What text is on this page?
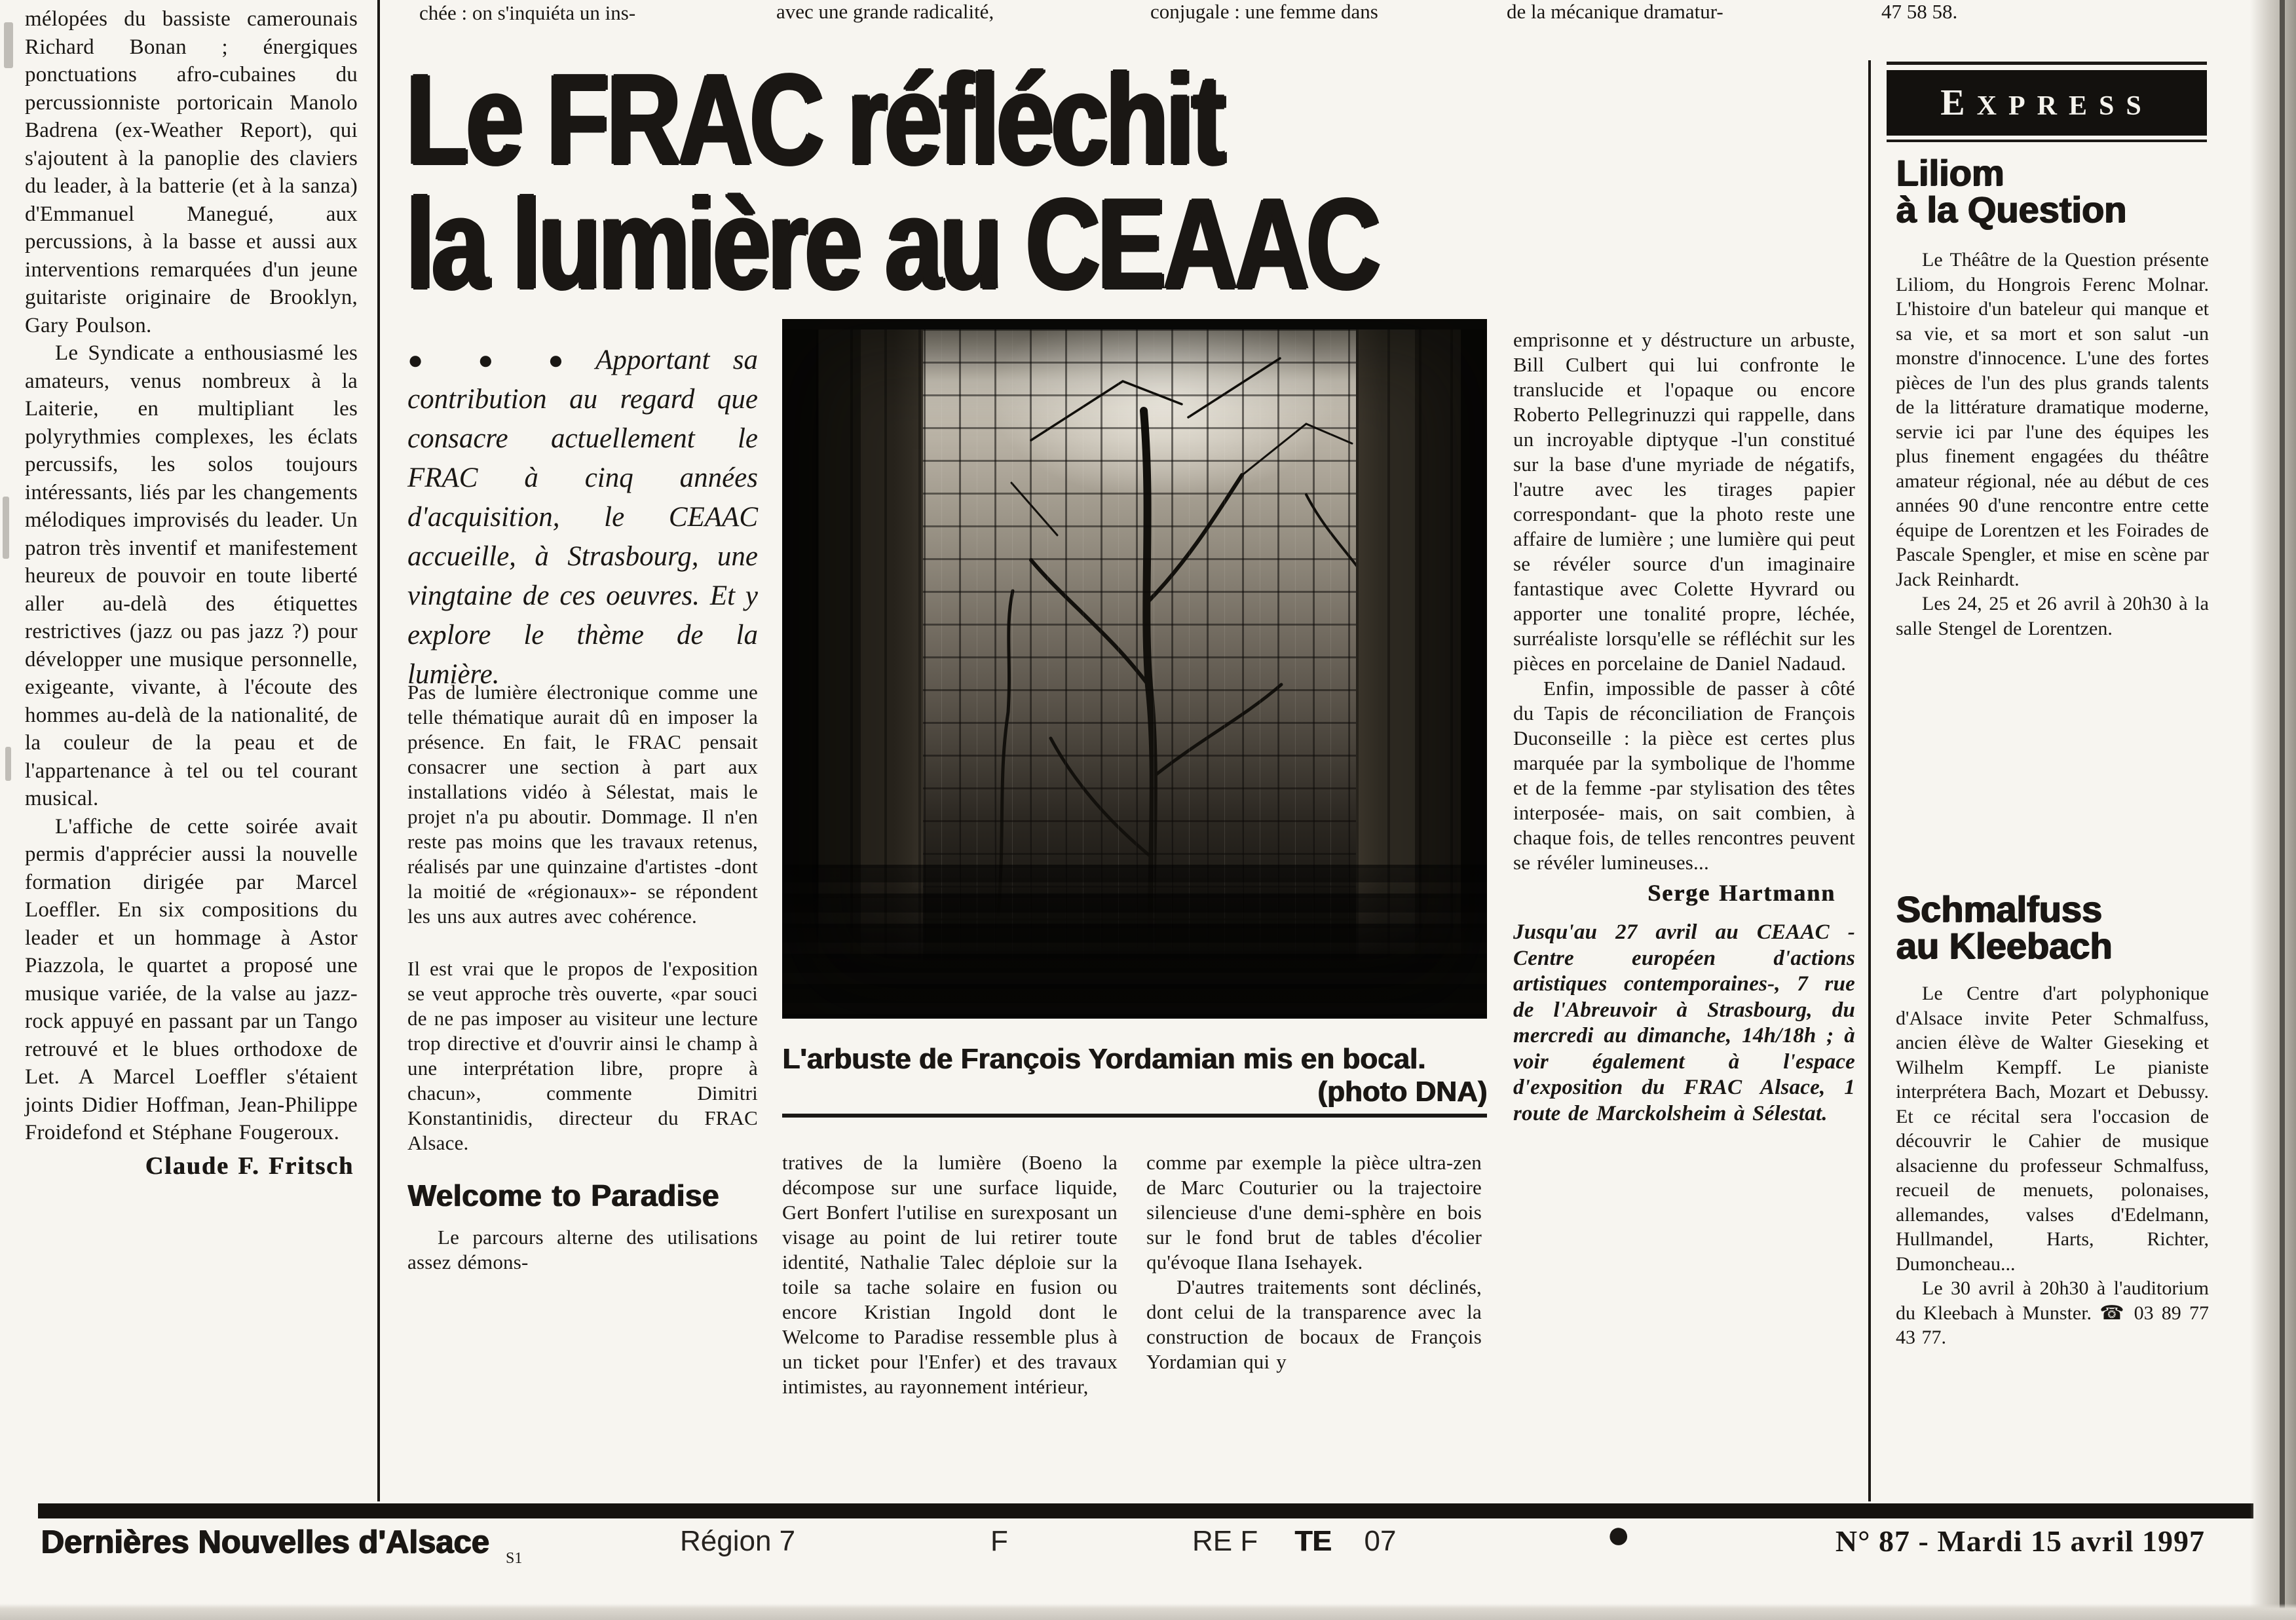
chée : on s'inquiéta un ins-	avec une grande radicalité,	conjugale : une femme dans	de la mécanique dramatur-	47 58 58.

mélopées du bassiste camerounais Richard Bonan ; énergiques ponctuations afro-cubaines du percussionniste portoricain Manolo Badrena (ex-Weather Report), qui s'ajoutent à la panoplie des claviers du leader, à la batterie (et à la sanza) d'Emmanuel Manegué, aux percussions, à la basse et aussi aux interventions remarquées d'un jeune guitariste originaire de Brooklyn, Gary Poulson.

Le Syndicate a enthousiasmé les amateurs, venus nombreux à la Laiterie, en multipliant les polyrythmies complexes, les éclats percussifs, les solos toujours intéressants, liés par les changements mélodiques improvisés du leader. Un patron très inventif et manifestement heureux de pouvoir en toute liberté aller au-delà des étiquettes restrictives (jazz ou pas jazz ?) pour développer une musique personnelle, exigeante, vivante, à l'écoute des hommes au-delà de la nationalité, de la couleur de la peau et de l'appartenance à tel ou tel courant musical.

L'affiche de cette soirée avait permis d'apprécier aussi la nouvelle formation dirigée par Marcel Loeffler. En six compositions du leader et un hommage à Astor Piazzola, le quartet a proposé une musique variée, de la valse au jazz-rock appuyé en passant par un Tango retrouvé et le blues orthodoxe de Let. A Marcel Loeffler s'étaient joints Didier Hoffman, Jean-Philippe Froidefond et Stéphane Fougeroux.

Claude F. Fritsch
Le FRAC réfléchit
la lumière au CEAAC

● ● ● Apportant sa contribution au regard que consacre actuellement le FRAC à cinq années d'acquisition, le CEAAC accueille, à Strasbourg, une vingtaine de ces oeuvres. Et y explore le thème de la lumière.

Pas de lumière électronique comme une telle thématique aurait dû en imposer la présence. En fait, le FRAC pensait consacrer une section à part aux installations vidéo à Sélestat, mais le projet n'a pu aboutir. Dommage. Il n'en reste pas moins que les travaux retenus, réalisés par une quinzaine d'artistes -dont la moitié de «régionaux»- se répondent les uns aux autres avec cohérence.

Il est vrai que le propos de l'exposition se veut approche très ouverte, «par souci de ne pas imposer au visiteur une lecture trop directive et d'ouvrir ainsi le champ à une interprétation libre, propre à chacun», commente Dimitri Konstantinidis, directeur du FRAC Alsace.

Welcome to Paradise

Le parcours alterne des utilisations assez démons-

L'arbuste de François Yordamian mis en bocal.
(photo DNA)

tratives de la lumière (Boeno la décompose sur une surface liquide, Gert Bonfert l'utilise en surexposant un visage au point de lui retirer toute identité, Nathalie Talec déploie sur la toile sa tache solaire en fusion ou encore Kristian Ingold dont le Welcome to Paradise ressemble plus à un ticket pour l'Enfer) et des travaux intimistes, au rayonnement intérieur,

comme par exemple la pièce ultra-zen de Marc Couturier ou la trajectoire silencieuse d'une demi-sphère en bois sur le fond brut de tables d'écolier qu'évoque Ilana Isehayek.

D'autres traitements sont déclinés, dont celui de la transparence avec la construction de bocaux de François Yordamian qui y

emprisonne et y déstructure un arbuste, Bill Culbert qui lui confronte le translucide et l'opaque ou encore Roberto Pellegrinuzzi qui rappelle, dans un incroyable diptyque -l'un constitué sur la base d'une myriade de négatifs, l'autre avec les tirages papier correspondant- que la photo reste une affaire de lumière ; une lumière qui peut se révéler source d'un imaginaire fantastique avec Colette Hyvrard ou apporter une tonalité propre, léchée, surréaliste lorsqu'elle se réfléchit sur les pièces en porcelaine de Daniel Nadaud.

Enfin, impossible de passer à côté du Tapis de réconciliation de François Duconseille : la pièce est certes plus marquée par la symbolique de l'homme et de la femme -par stylisation des têtes interposée- mais, on sait combien, à chaque fois, de telles rencontres peuvent se révéler lumineuses...

Serge Hartmann

Jusqu'au 27 avril au CEAAC -Centre européen d'actions artistiques contemporaines-, 7 rue de l'Abreuvoir à Strasbourg, du mercredi au dimanche, 14h/18h ; à voir également à l'espace d'exposition du FRAC Alsace, 1 route de Marckolsheim à Sélestat.

EXPRESS
Liliom
à la Question

Le Théâtre de la Question présente Liliom, du Hongrois Ferenc Molnar. L'histoire d'un bateleur qui manque et sa vie, et sa mort et son salut -un monstre d'innocence. L'une des fortes pièces de l'un des plus grands talents de la littérature dramatique moderne, servie ici par l'une des équipes les plus finement engagées du théâtre amateur régional, née au début de ces années 90 d'une rencontre entre cette équipe de Lorentzen et les Foirades de Pascale Spengler, et mise en scène par Jack Reinhardt.

Les 24, 25 et 26 avril à 20h30 à la salle Stengel de Lorentzen.

Schmalfuss
au Kleebach

Le Centre d'art polyphonique d'Alsace invite Peter Schmalfuss, ancien élève de Walter Gieseking et Wilhelm Kempff. Le pianiste interprétera Bach, Mozart et Debussy. Et ce récital sera l'occasion de découvrir le Cahier de musique alsacienne du professeur Schmalfuss, recueil de menuets, polonaises, allemandes, valses d'Edelmann, Hullmandel, Harts, Richter, Dumoncheau...

Le 30 avril à 20h30 à l'auditorium du Kleebach à Munster. ☎ 03 89 77 43 77.

Dernières Nouvelles d'Alsace S1
Région 7	F	RE F TE 07	●	N° 87 - Mardi 15 avril 1997
